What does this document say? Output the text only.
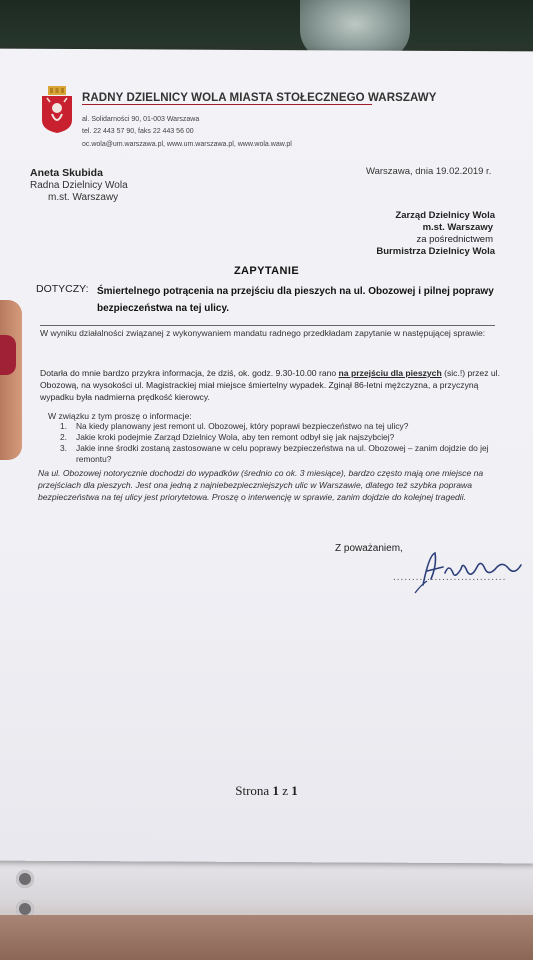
RADNY DZIELNICY WOLA MIASTA STOŁECZNEGO WARSZAWY
al. Solidarności 90, 01-003 Warszawa
tel. 22 443 57 90, faks 22 443 56 00
oc.wola@um.warszawa.pl, www.um.warszawa.pl, www.wola.waw.pl
Warszawa, dnia 19.02.2019 r.
Aneta Skubida
Radna Dzielnicy Wola
m.st. Warszawy
Zarząd Dzielnicy Wola
m.st. Warszawy
za pośrednictwem
Burmistrza Dzielnicy Wola
ZAPYTANIE
DOTYCZY: Śmiertelnego potrącenia na przejściu dla pieszych na ul. Obozowej i pilnej poprawy bezpieczeństwa na tej ulicy.
W wyniku działalności związanej z wykonywaniem mandatu radnego przedkładam zapytanie w następującej sprawie:
Dotarła do mnie bardzo przykra informacja, że dziś, ok. godz. 9.30-10.00 rano na przejściu dla pieszych (sic.!) przez ul. Obozową, na wysokości ul. Magistrackiej miał miejsce śmiertelny wypadek. Zginął 86-letni mężczyzna, a przyczyną wypadku była nadmierna prędkość kierowcy.
W związku z tym proszę o informacje:
1.	Na kiedy planowany jest remont ul. Obozowej, który poprawi bezpieczeństwo na tej ulicy?
2.	Jakie kroki podejmie Zarząd Dzielnicy Wola, aby ten remont odbył się jak najszybciej?
3.	Jakie inne środki zostaną zastosowane w celu poprawy bezpieczeństwa na ul. Obozowej – zanim dojdzie do jej remontu?
Na ul. Obozowej notorycznie dochodzi do wypadków (średnio co ok. 3 miesiące), bardzo często mają one miejsce na przejściach dla pieszych. Jest ona jedną z najniebezpieczniejszych ulic w Warszawie, dlatego też szybka poprawa bezpieczeństwa na tej ulicy jest priorytetowa. Proszę o interwencję w sprawie, zanim dojdzie do kolejnej tragedii.
Z poważaniem,
..............................
Strona 1 z 1
